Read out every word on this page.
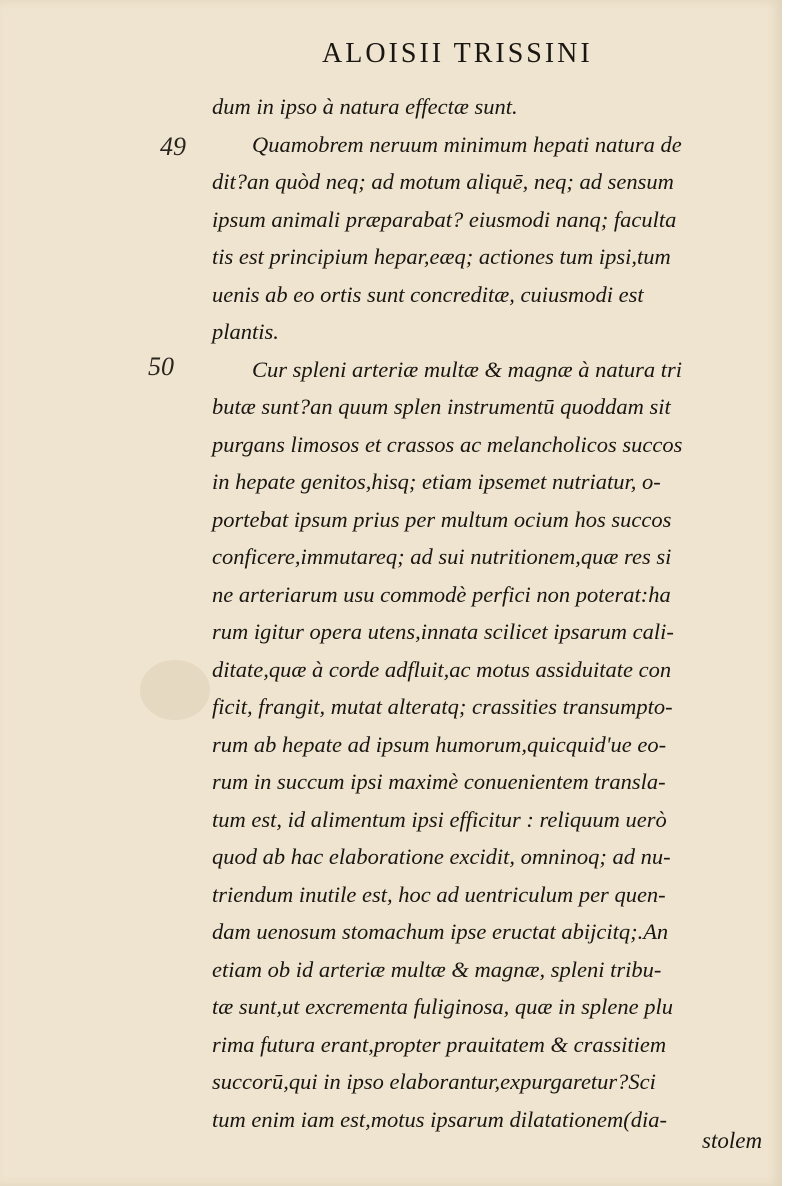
ALOISII TRISSINI
49
50
dum in ipso à natura effectæ sunt.
Quamobrem neruum minimum hepati natura de
dit?an quòd neq; ad motum aliquē, neq; ad sensum
ipsum animali præparabat? eiusmodi nanq; faculta
tis est principium hepar,eæq; actiones tum ipsi,tum
uenis ab eo ortis sunt concreditæ, cuiusmodi est
plantis.
Cur spleni arteriæ multæ & magnæ à natura tri
butæ sunt?an quum splen instrumentū quoddam sit
purgans limosos et crassos ac melancholicos succos
in hepate genitos,hisq; etiam ipsemet nutriatur, o-
portebat ipsum prius per multum ocium hos succos
conficere,immutareq; ad sui nutritionem,quæ res si
ne arteriarum usu commodè perfici non poterat:ha
rum igitur opera utens,innata scilicet ipsarum cali-
ditate,quæ à corde adfluit,ac motus assiduitate con
ficit, frangit, mutat alteratq; crassities transumpto-
rum ab hepate ad ipsum humorum,quicquid'ue eo-
rum in succum ipsi maximè conuenientem transla-
tum est, id alimentum ipsi efficitur : reliquum uerò
quod ab hac elaboratione excidit, omninoq; ad nu-
triendum inutile est, hoc ad uentriculum per quen-
dam uenosum stomachum ipse eructat abijcitq;.An
etiam ob id arteriæ multæ & magnæ, spleni tribu-
tæ sunt,ut excrementa fuliginosa, quæ in splene plu
rima futura erant,propter prauitatem & crassitiem
succorū,qui in ipso elaborantur,expurgaretur?Sci
tum enim iam est,motus ipsarum dilatationem(dia-
stolem
